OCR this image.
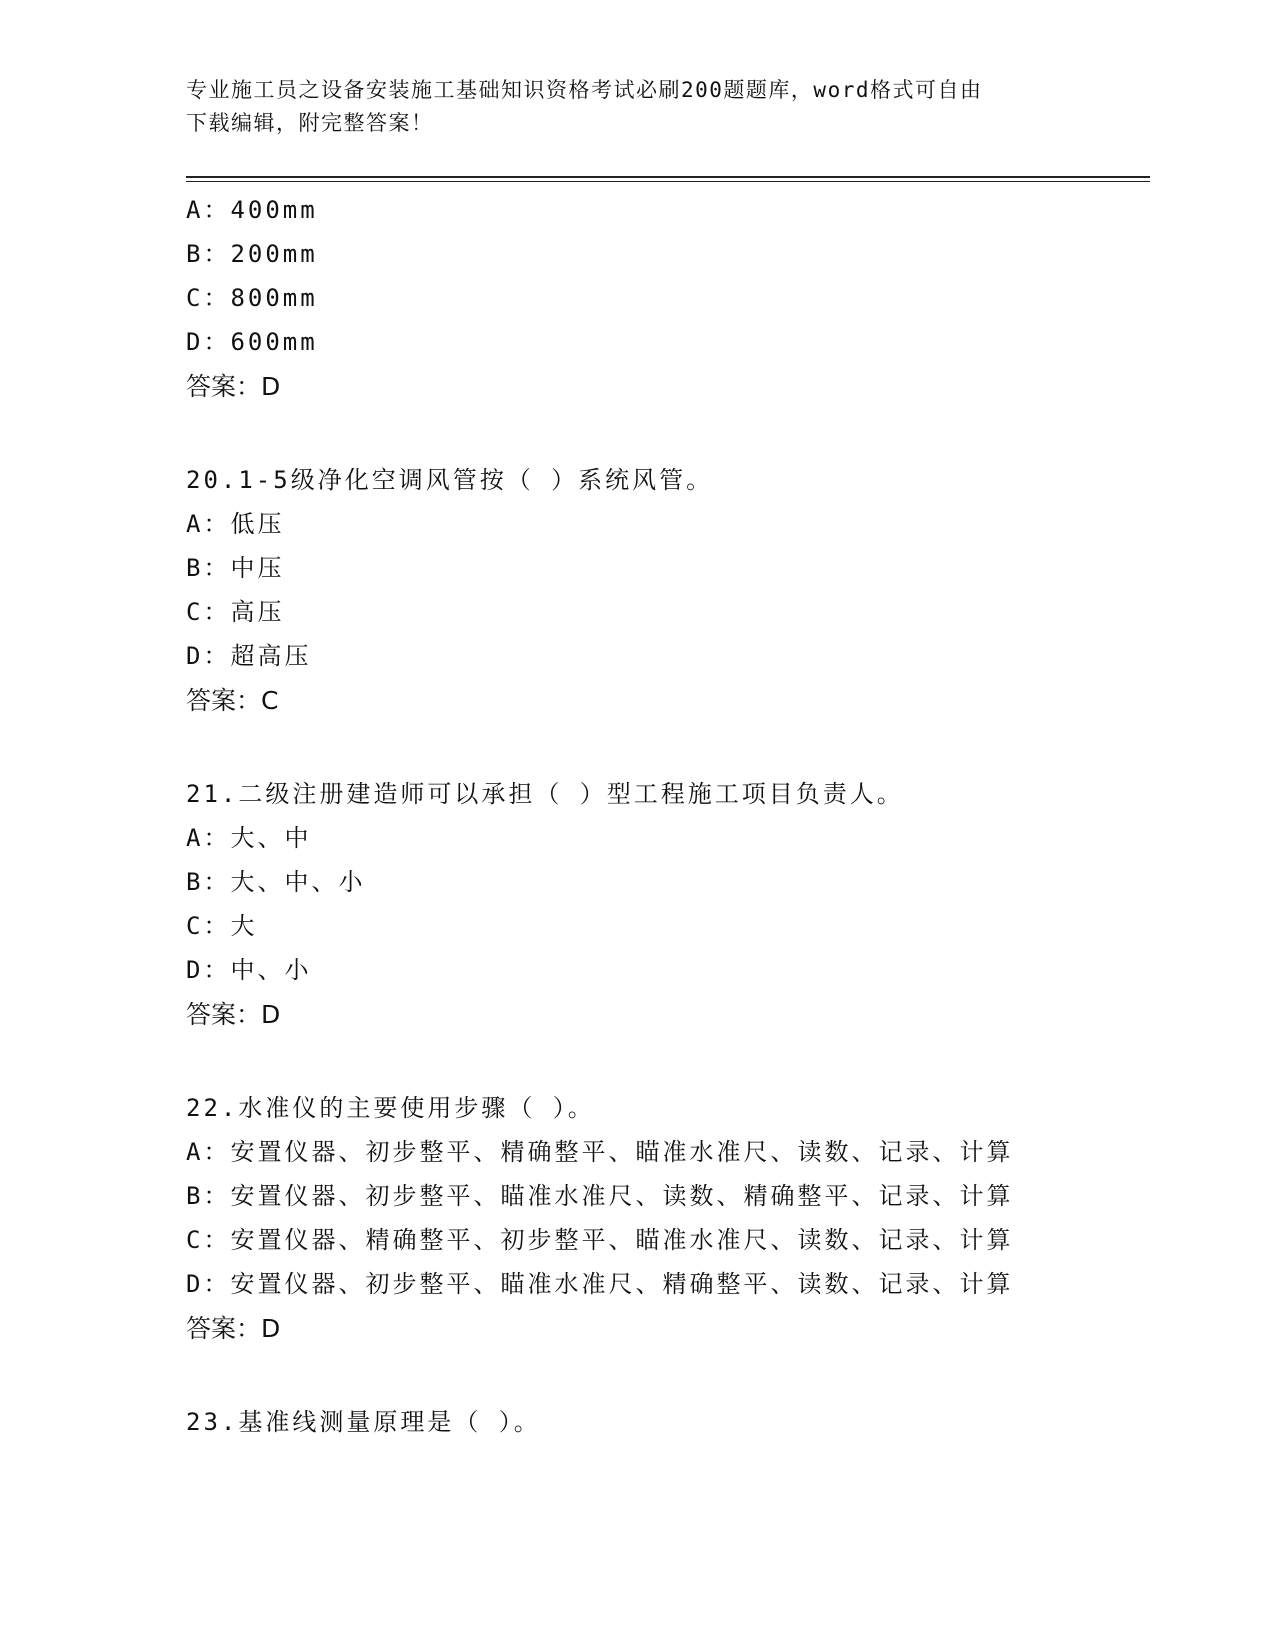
专业施工员之设备安装施工基础知识资格考试必刷200题题库，word格式可自由
下载编辑，附完整答案！
A：400mm
B：200mm
C：800mm
D：600mm
答案：D
20.1-5级净化空调风管按（ ）系统风管。
A：低压
B：中压
C：高压
D：超高压
答案：C
21.二级注册建造师可以承担（ ）型工程施工项目负责人。
A：大、中
B：大、中、小
C：大
D：中、小
答案：D
22.水准仪的主要使用步骤（ ）。
A：安置仪器、初步整平、精确整平、瞄准水准尺、读数、记录、计算
B：安置仪器、初步整平、瞄准水准尺、读数、精确整平、记录、计算
C：安置仪器、精确整平、初步整平、瞄准水准尺、读数、记录、计算
D：安置仪器、初步整平、瞄准水准尺、精确整平、读数、记录、计算
答案：D
23.基准线测量原理是（ ）。
